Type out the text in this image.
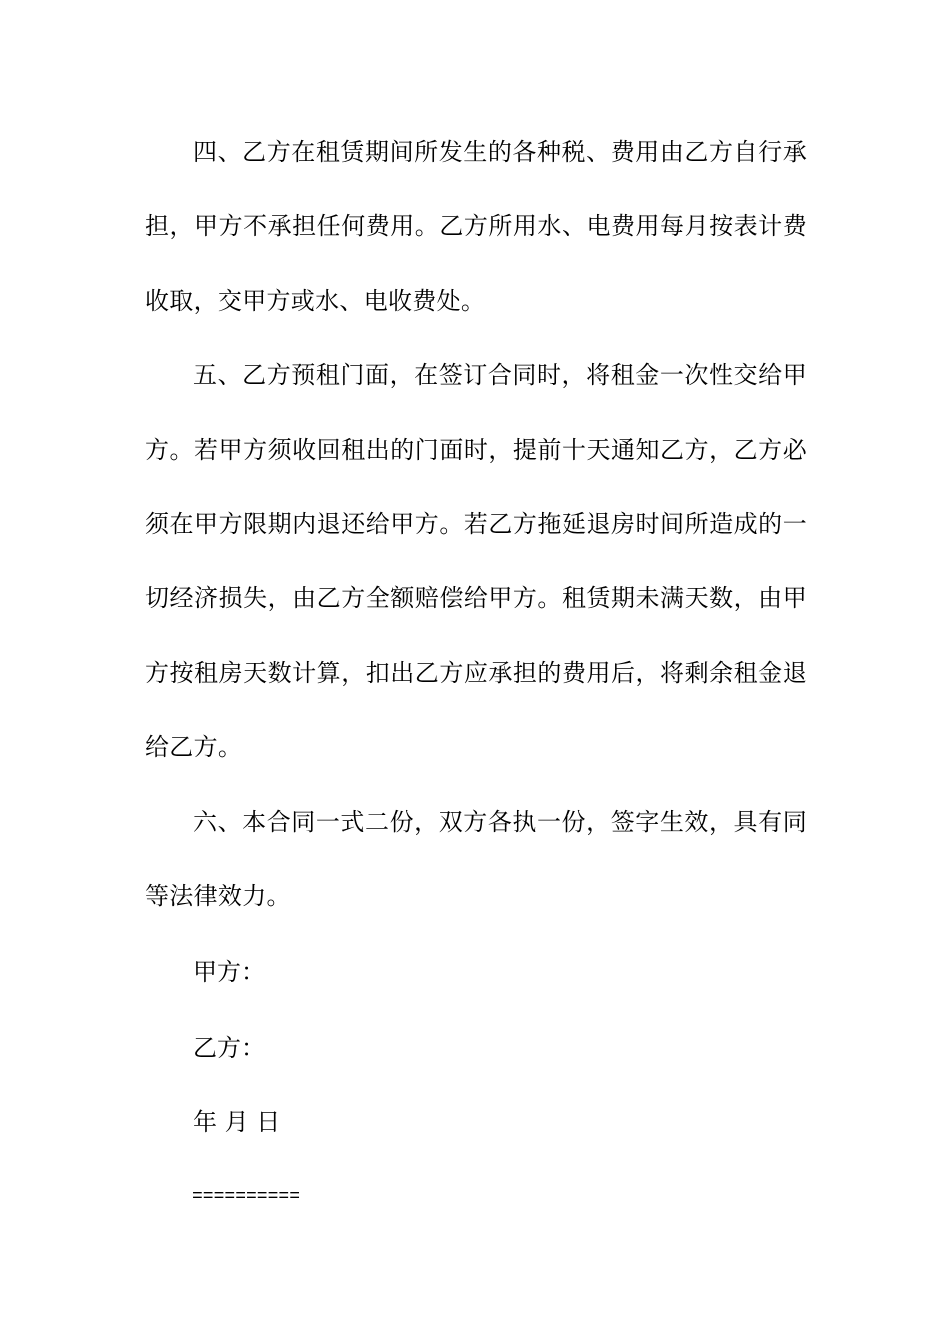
四、乙方在租赁期间所发生的各种税、费用由乙方自行承担，甲方不承担任何费用。乙方所用水、电费用每月按表计费收取，交甲方或水、电收费处。

五、乙方预租门面，在签订合同时，将租金一次性交给甲方。若甲方须收回租出的门面时，提前十天通知乙方，乙方必须在甲方限期内退还给甲方。若乙方拖延退房时间所造成的一切经济损失，由乙方全额赔偿给甲方。租赁期未满天数，由甲方按租房天数计算，扣出乙方应承担的费用后，将剩余租金退给乙方。

六、本合同一式二份，双方各执一份，签字生效，具有同等法律效力。

甲方：
乙方：
年 月 日
==========
